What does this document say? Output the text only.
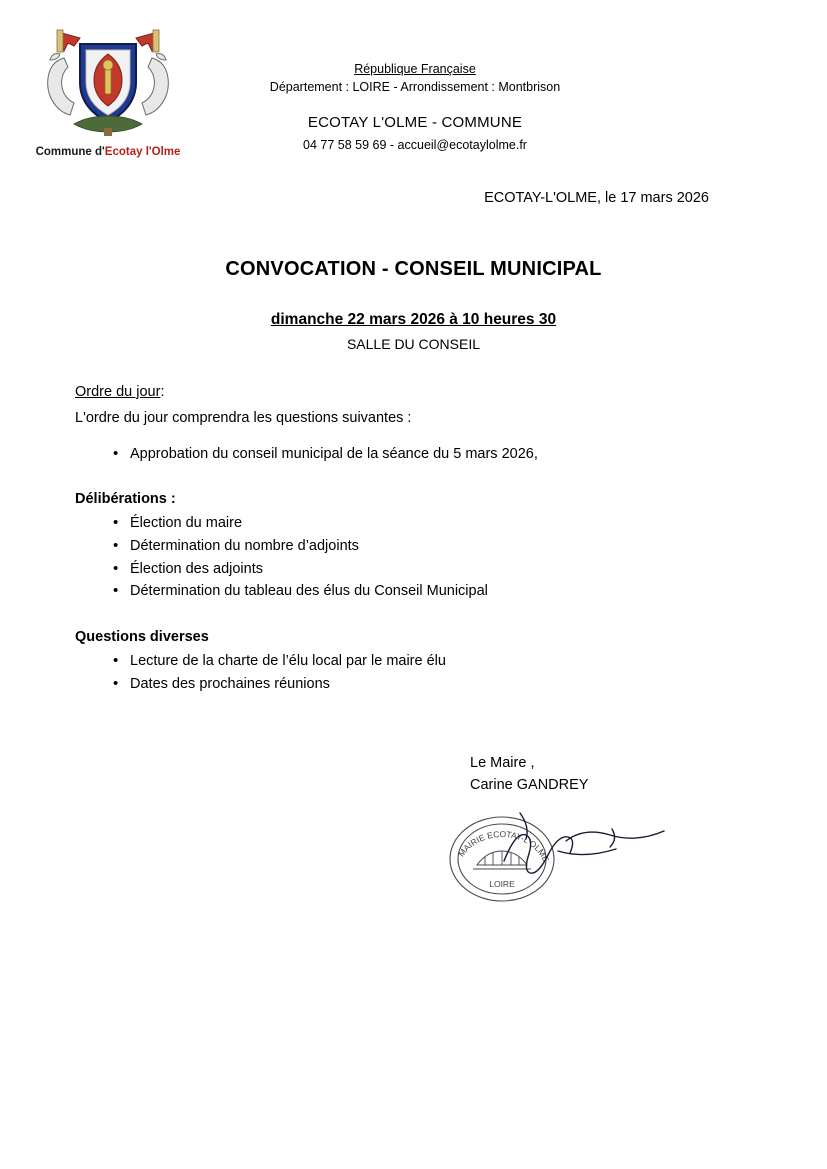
Commune d'Ecotay l'Olme
République Française
Département : LOIRE - Arrondissement : Montbrison
ECOTAY L'OLME - COMMUNE
04 77 58 59 69 - accueil@ecotaylolme.fr
ECOTAY-L'OLME, le 17 mars 2026
CONVOCATION - CONSEIL MUNICIPAL
dimanche 22 mars 2026 à 10 heures 30
SALLE DU CONSEIL
Ordre du jour:
L'ordre du jour comprendra les questions suivantes :
• Approbation du conseil municipal de la séance du 5 mars 2026,
Délibérations :
• Élection du maire
• Détermination du nombre d’adjoints
• Élection des adjoints
• Détermination du tableau des élus du Conseil Municipal
Questions diverses
• Lecture de la charte de l’élu local par le maire élu
• Dates des prochaines réunions
Le Maire ,
Carine GANDREY
MAIRIE ECOTAY-L'OLME
LOIRE
